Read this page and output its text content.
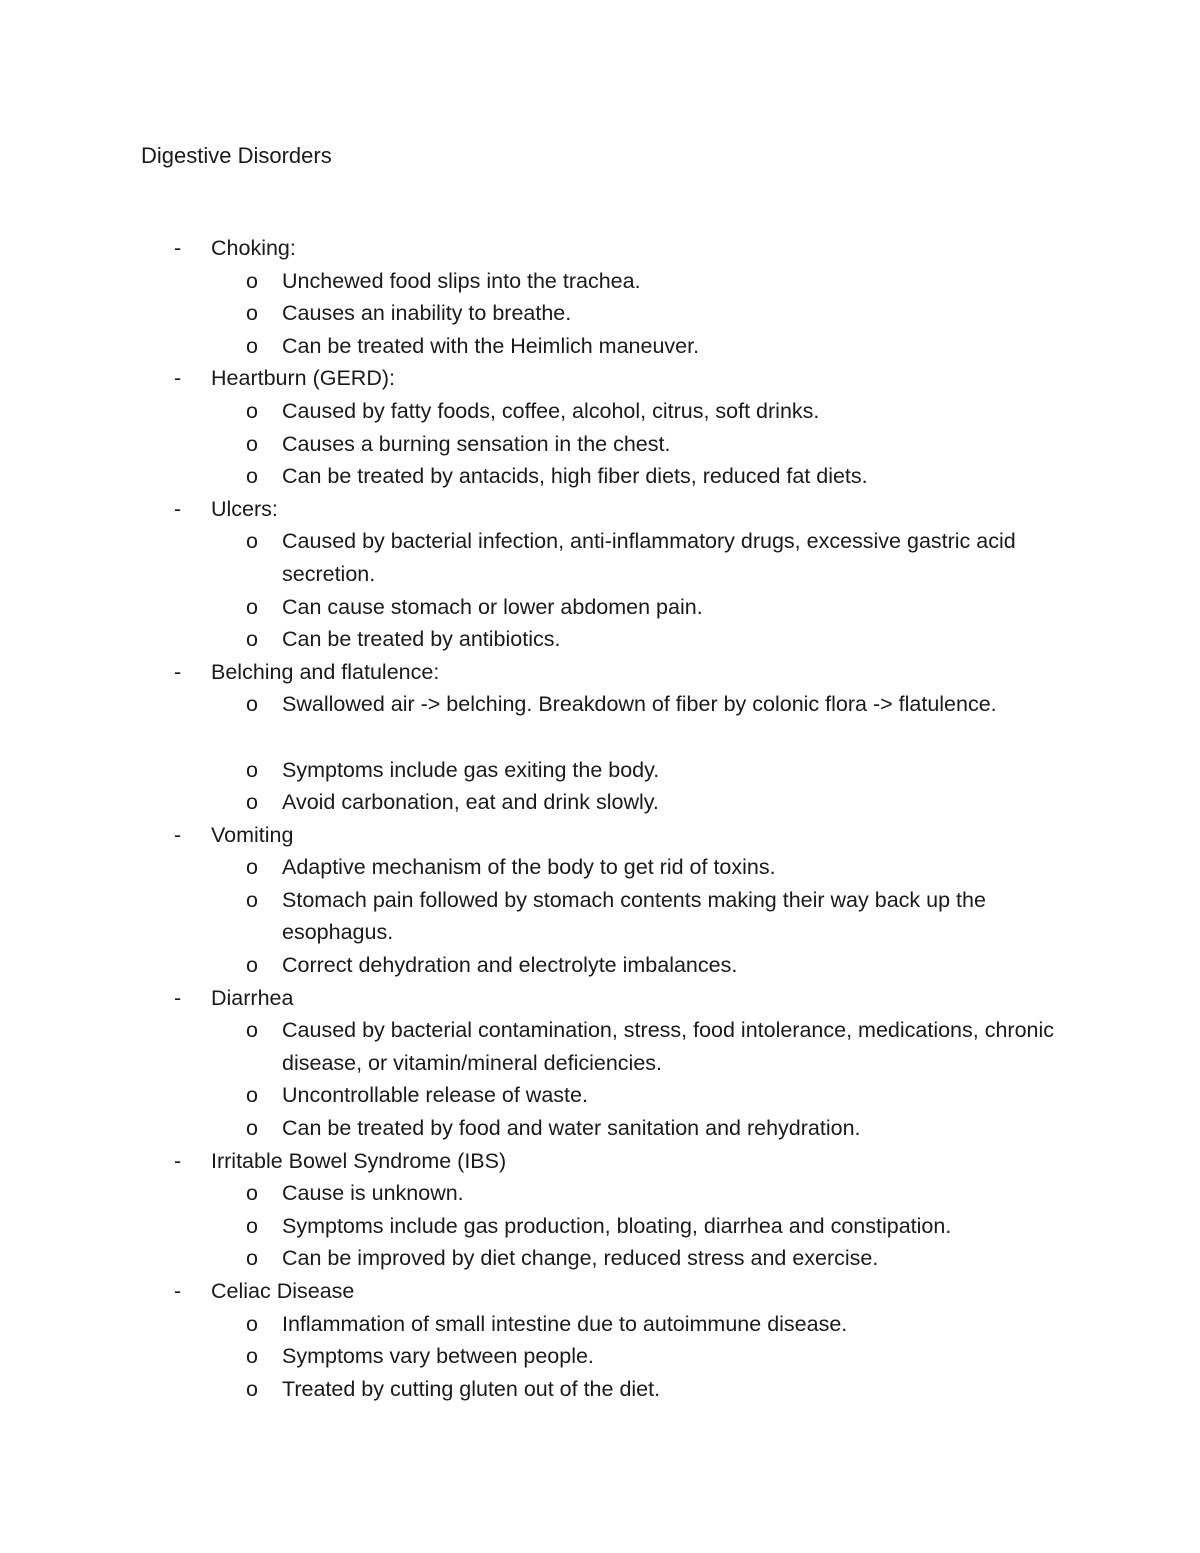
Digestive Disorders
- Choking:
o Unchewed food slips into the trachea.
o Causes an inability to breathe.
o Can be treated with the Heimlich maneuver.
- Heartburn (GERD):
o Caused by fatty foods, coffee, alcohol, citrus, soft drinks.
o Causes a burning sensation in the chest.
o Can be treated by antacids, high fiber diets, reduced fat diets.
- Ulcers:
o Caused by bacterial infection, anti-inflammatory drugs, excessive gastric acid secretion.
o Can cause stomach or lower abdomen pain.
o Can be treated by antibiotics.
- Belching and flatulence:
o Swallowed air -> belching. Breakdown of fiber by colonic flora -> flatulence.
o Symptoms include gas exiting the body.
o Avoid carbonation, eat and drink slowly.
- Vomiting
o Adaptive mechanism of the body to get rid of toxins.
o Stomach pain followed by stomach contents making their way back up the esophagus.
o Correct dehydration and electrolyte imbalances.
- Diarrhea
o Caused by bacterial contamination, stress, food intolerance, medications, chronic disease, or vitamin/mineral deficiencies.
o Uncontrollable release of waste.
o Can be treated by food and water sanitation and rehydration.
- Irritable Bowel Syndrome (IBS)
o Cause is unknown.
o Symptoms include gas production, bloating, diarrhea and constipation.
o Can be improved by diet change, reduced stress and exercise.
- Celiac Disease
o Inflammation of small intestine due to autoimmune disease.
o Symptoms vary between people.
o Treated by cutting gluten out of the diet.
